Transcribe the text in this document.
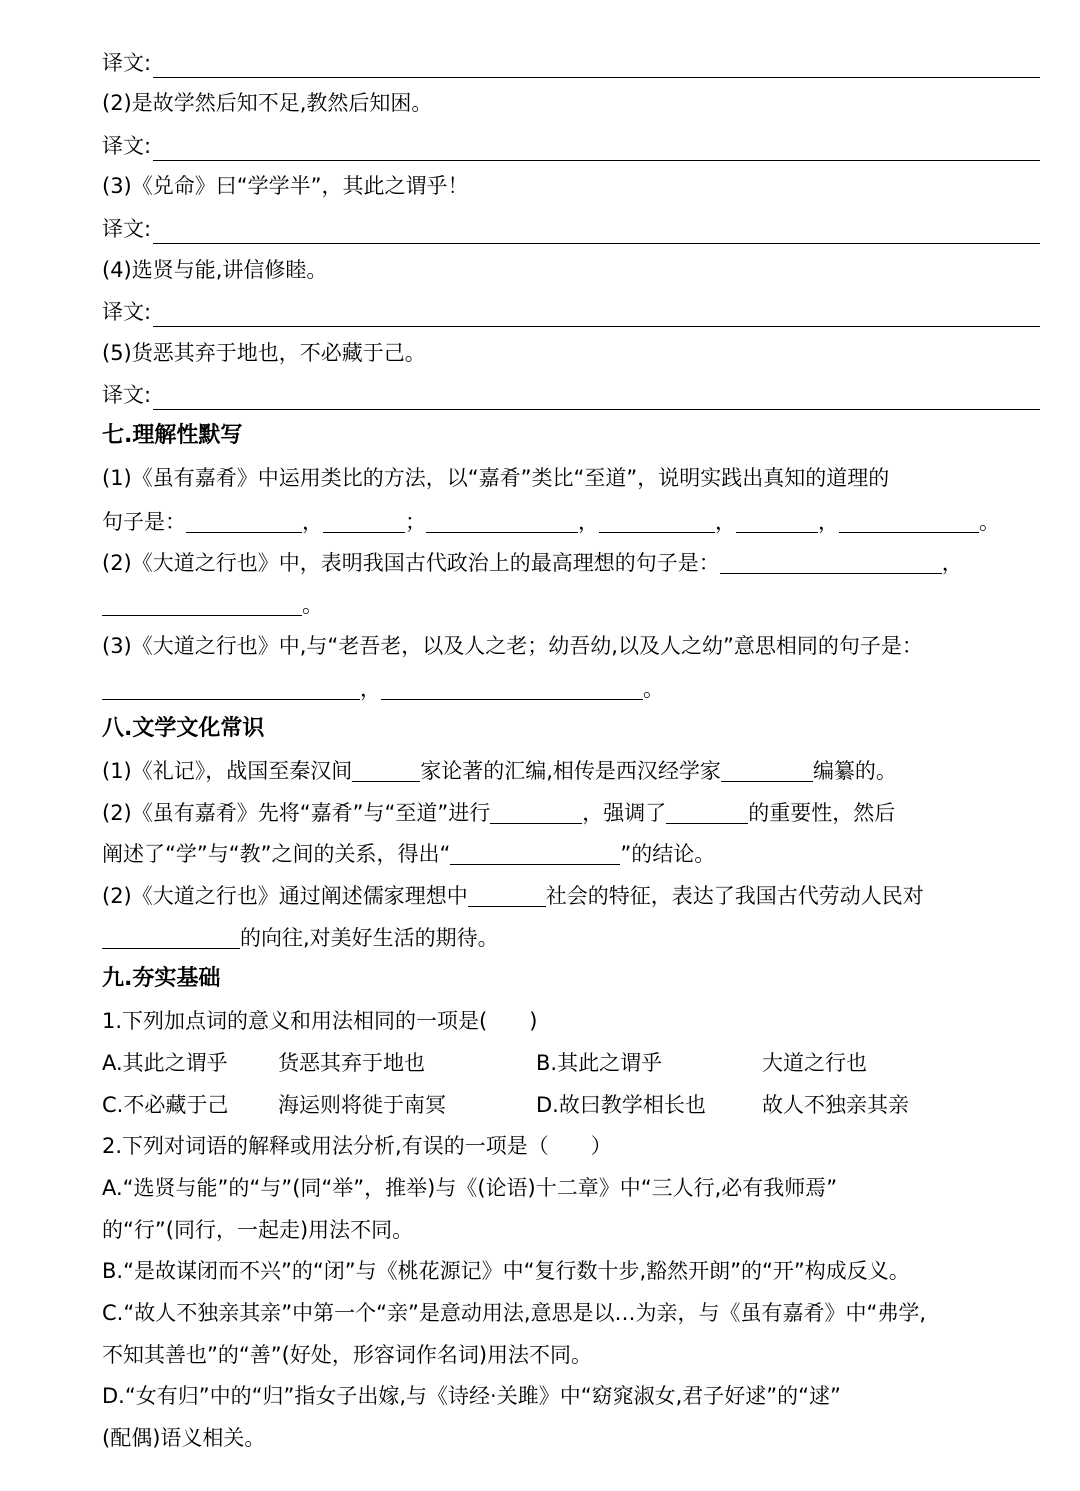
译文:
(2)是故学然后知不足,教然后知困。
译文:
(3)《兑命》曰“学学半”，其此之谓乎！
译文:
(4)选贤与能,讲信修睦。
译文:
(5)货恶其弃于地也，不必藏于己。
译文:
七.理解性默写
(1)《虽有嘉肴》中运用类比的方法，以“嘉肴”类比“至道”，说明实践出真知的道理的
句子是：	，	；	，	，	，	。
(2)《大道之行也》中，表明我国古代政治上的最高理想的句子是：	，
。
(3)《大道之行也》中,与“老吾老，以及人之老；幼吾幼,以及人之幼”意思相同的句子是：
，	。
八.文学文化常识
(1)《礼记》，战国至秦汉间	家论著的汇编,相传是西汉经学家	编纂的。
(2)《虽有嘉肴》先将“嘉肴”与“至道”进行	，强调了	的重要性，然后
阐述了“学”与“教”之间的关系，得出“	”的结论。
(2)《大道之行也》通过阐述儒家理想中	社会的特征，表达了我国古代劳动人民对
的向往,对美好生活的期待。
九.夯实基础
1.下列加点词的意义和用法相同的一项是(　　)
A.其此之谓乎 货恶其弃于地也	B.其此之谓乎	大道之行也
C.不必藏于己 海运则将徙于南冥	D.故曰教学相长也	故人不独亲其亲
2.下列对词语的解释或用法分析,有误的一项是（　　）
A.“选贤与能”的“与”(同“举”，推举)与《(论语)十二章》中“三人行,必有我师焉”
的“行”(同行，一起走)用法不同。
B.“是故谋闭而不兴”的“闭”与《桃花源记》中“复行数十步,豁然开朗”的“开”构成反义。
C.“故人不独亲其亲”中第一个“亲”是意动用法,意思是以…为亲，与《虽有嘉肴》中“弗学,
不知其善也”的“善”(好处，形容词作名词)用法不同。
D.“女有归”中的“归”指女子出嫁,与《诗经·关雎》中“窈窕淑女,君子好逑”的“逑”
(配偶)语义相关。
